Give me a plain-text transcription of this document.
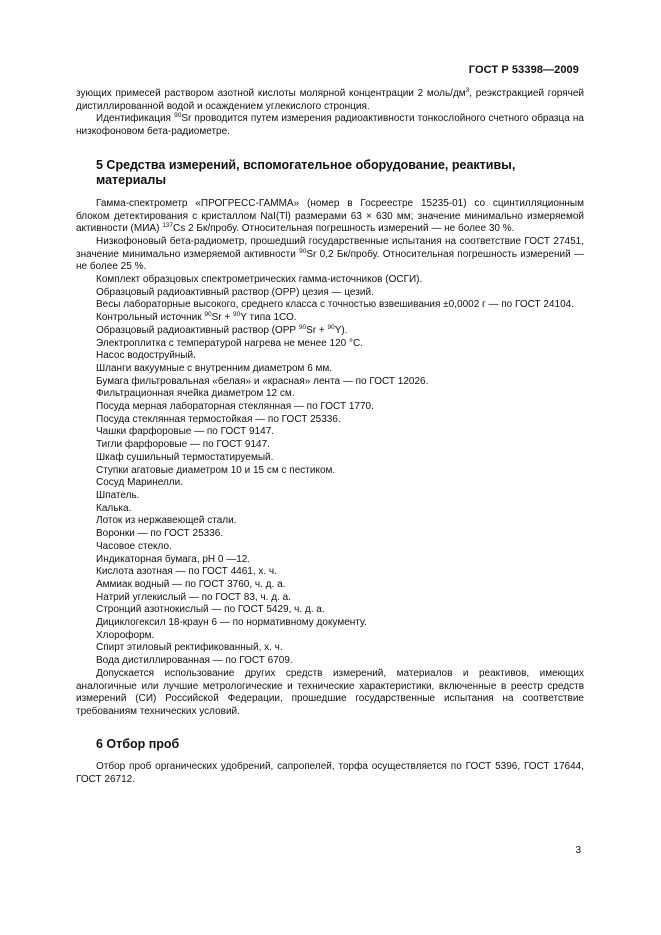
ГОСТ Р 53398—2009

зующих примесей раствором азотной кислоты молярной концентрации 2 моль/$дм^3$, реэкстракцией горячей дистиллированной водой и осаждением углекислого стронция.

Идентификация $^{90}$Sr проводится путем измерения радиоактивности тонкослойного счетного образца на низкофоновом бета-радиометре.

5 Средства измерений, вспомогательное оборудование, реактивы, материалы

Гамма-спектрометр «ПРОГРЕСС-ГАММА» (номер в Госреестре 15235-01) со сцинтилляционным блоком детектирования с кристаллом NaI(Tl) размерами 63 × 630 мм; значение минимально измеряемой активности (МИА) $^{137}$Cs 2 Бк/пробу. Относительная погрешность измерений — не более 30 %.

Низкофоновый бета-радиометр, прошедший государственные испытания на соответствие ГОСТ 27451, значение минимально измеряемой активности $^{90}$Sr 0,2 Бк/пробу. Относительная погрешность измерений — не более 25 %.

Комплект образцовых спектрометрических гамма-источников (ОСГИ).

Образцовый радиоактивный раствор (ОРР) цезия — цезий.

Весы лабораторные высокого, среднего класса с точностью взвешивания ±0,0002 г — по ГОСТ 24104.

Контрольный источник $^{90}$Sr + $^{90}$Y типа 1СО.

Образцовый радиоактивный раствор (ОРР $^{90}$Sr + $^{90}$Y).

Электроплитка с температурой нагрева не менее 120 °С.

Насос водоструйный.

Шланги вакуумные с внутренним диаметром 6 мм.

Бумага фильтровальная «белая» и «красная» лента — по ГОСТ 12026.

Фильтрационная ячейка диаметром 12 см.

Посуда мерная лабораторная стеклянная — по ГОСТ 1770.

Посуда стеклянная термостойкая — по ГОСТ 25336.

Чашки фарфоровые — по ГОСТ 9147.

Тигли фарфоровые — по ГОСТ 9147.

Шкаф сушильный термостатируемый.

Ступки агатовые диаметром 10 и 15 см с пестиком.

Сосуд Маринелли.

Шпатель.

Калька.

Лоток из нержавеющей стали.

Воронки — по ГОСТ 25336.

Часовое стекло.

Индикаторная бумага, рН 0 —12.

Кислота азотная — по ГОСТ 4461, х. ч.

Аммиак водный — по ГОСТ 3760, ч. д. а.

Натрий углекислый — по ГОСТ 83, ч. д. а.

Стронций азотнокислый — по ГОСТ 5429, ч. д. а.

Дициклогексил 18-краун 6 — по нормативному документу.

Хлороформ.

Спирт этиловый ректификованный, х. ч.

Вода дистиллированная — по ГОСТ 6709.

Допускается использование других средств измерений, материалов и реактивов, имеющих аналогичные или лучшие метрологические и технические характеристики, включенные в реестр средств измерений (СИ) Российской Федерации, прошедшие государственные испытания на соответствие требованиям технических условий.

6 Отбор проб

Отбор проб органических удобрений, сапропелей, торфа осуществляется по ГОСТ 5396, ГОСТ 17644, ГОСТ 26712.

3
